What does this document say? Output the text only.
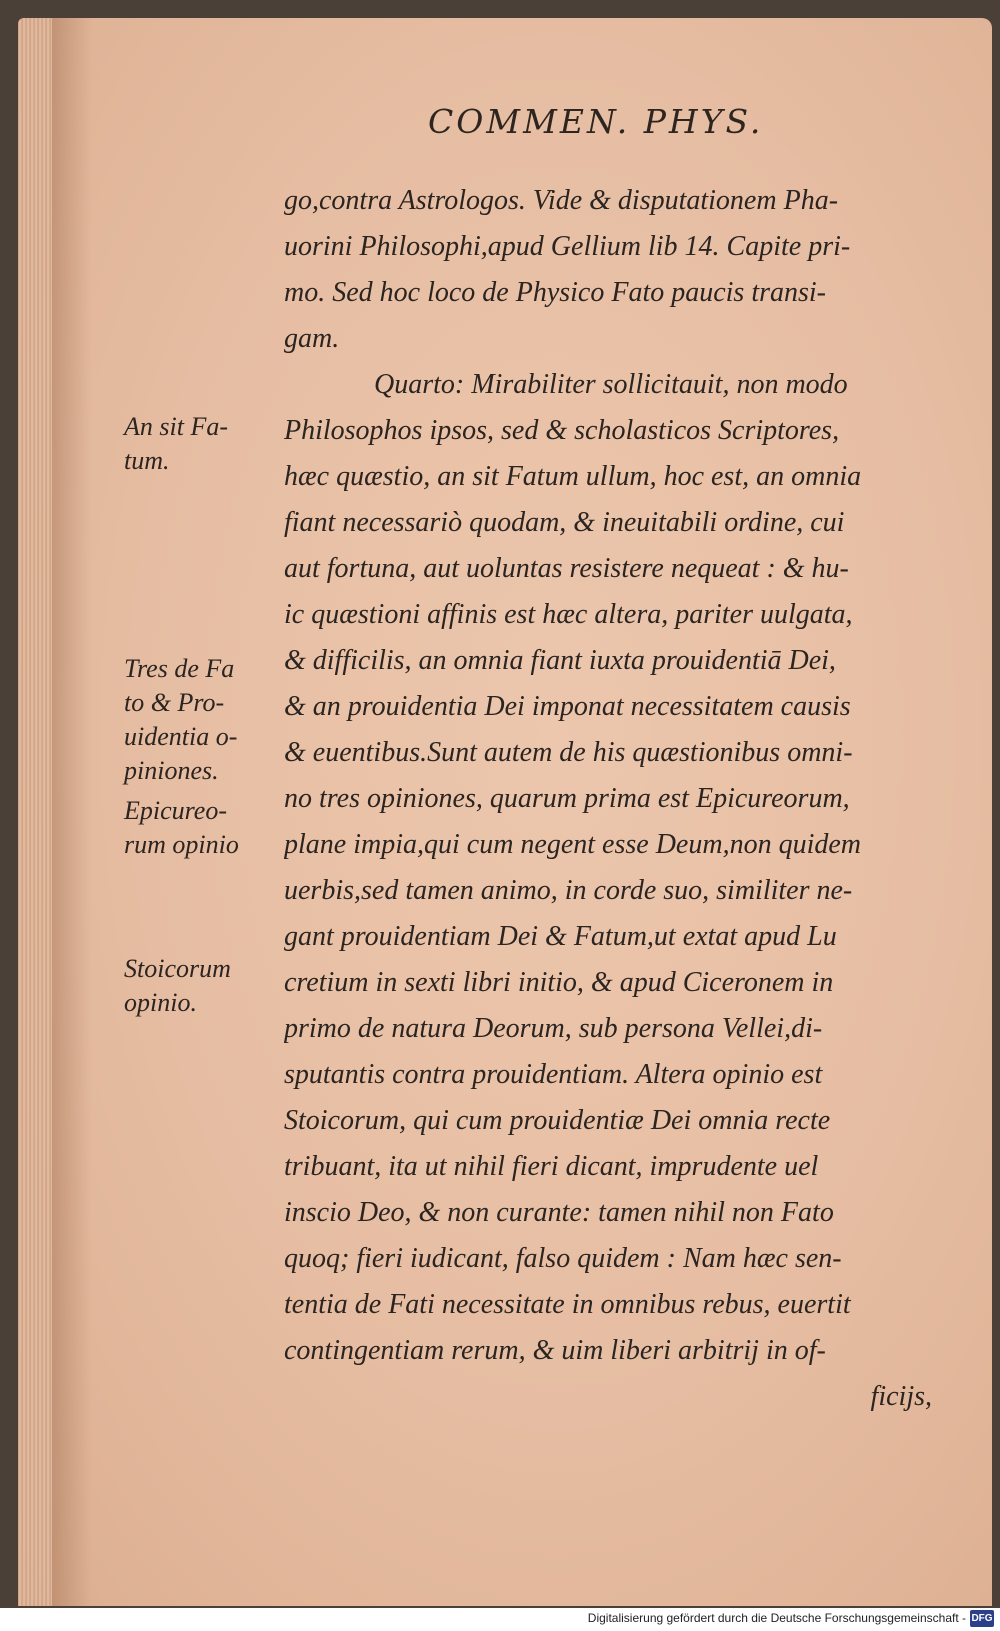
COMMEN. PHYS.
go,contra Astrologos. Vide & disputationem Pha-
uorini Philosophi,apud Gellium lib 14. Capite pri-
mo. Sed hoc loco de Physico Fato paucis transi-
gam.
Quarto: Mirabiliter sollicitauit, non modo
Philosophos ipsos, sed & scholasticos Scriptores,
hæc quæstio, an sit Fatum ullum, hoc est, an omnia
fiant necessariò quodam, & ineuitabili ordine, cui
aut fortuna, aut uoluntas resistere nequeat : & hu-
ic quæstioni affinis est hæc altera, pariter uulgata,
& difficilis, an omnia fiant iuxta prouidentiā Dei,
& an prouidentia Dei imponat necessitatem causis
& euentibus.Sunt autem de his quæstionibus omni-
no tres opiniones, quarum prima est Epicureorum,
plane impia,qui cum negent esse Deum,non quidem
uerbis,sed tamen animo, in corde suo, similiter ne-
gant prouidentiam Dei & Fatum,ut extat apud Lu
cretium in sexti libri initio, & apud Ciceronem in
primo de natura Deorum, sub persona Vellei,di-
sputantis contra prouidentiam. Altera opinio est
Stoicorum, qui cum prouidentiæ Dei omnia recte
tribuant, ita ut nihil fieri dicant, imprudente uel
inscio Deo, & non curante: tamen nihil non Fato
quoq; fieri iudicant, falso quidem : Nam hæc sen-
tentia de Fati necessitate in omnibus rebus, euertit
contingentiam rerum, & uim liberi arbitrij in of-
ficijs,
An sit Fa-
tum.
Tres de Fa
to & Pro-
uidentia o-
piniones.
Epicureo-
rum opinio
Stoicorum
opinio.
Digitalisierung gefördert durch die Deutsche Forschungsgemeinschaft - DFG
